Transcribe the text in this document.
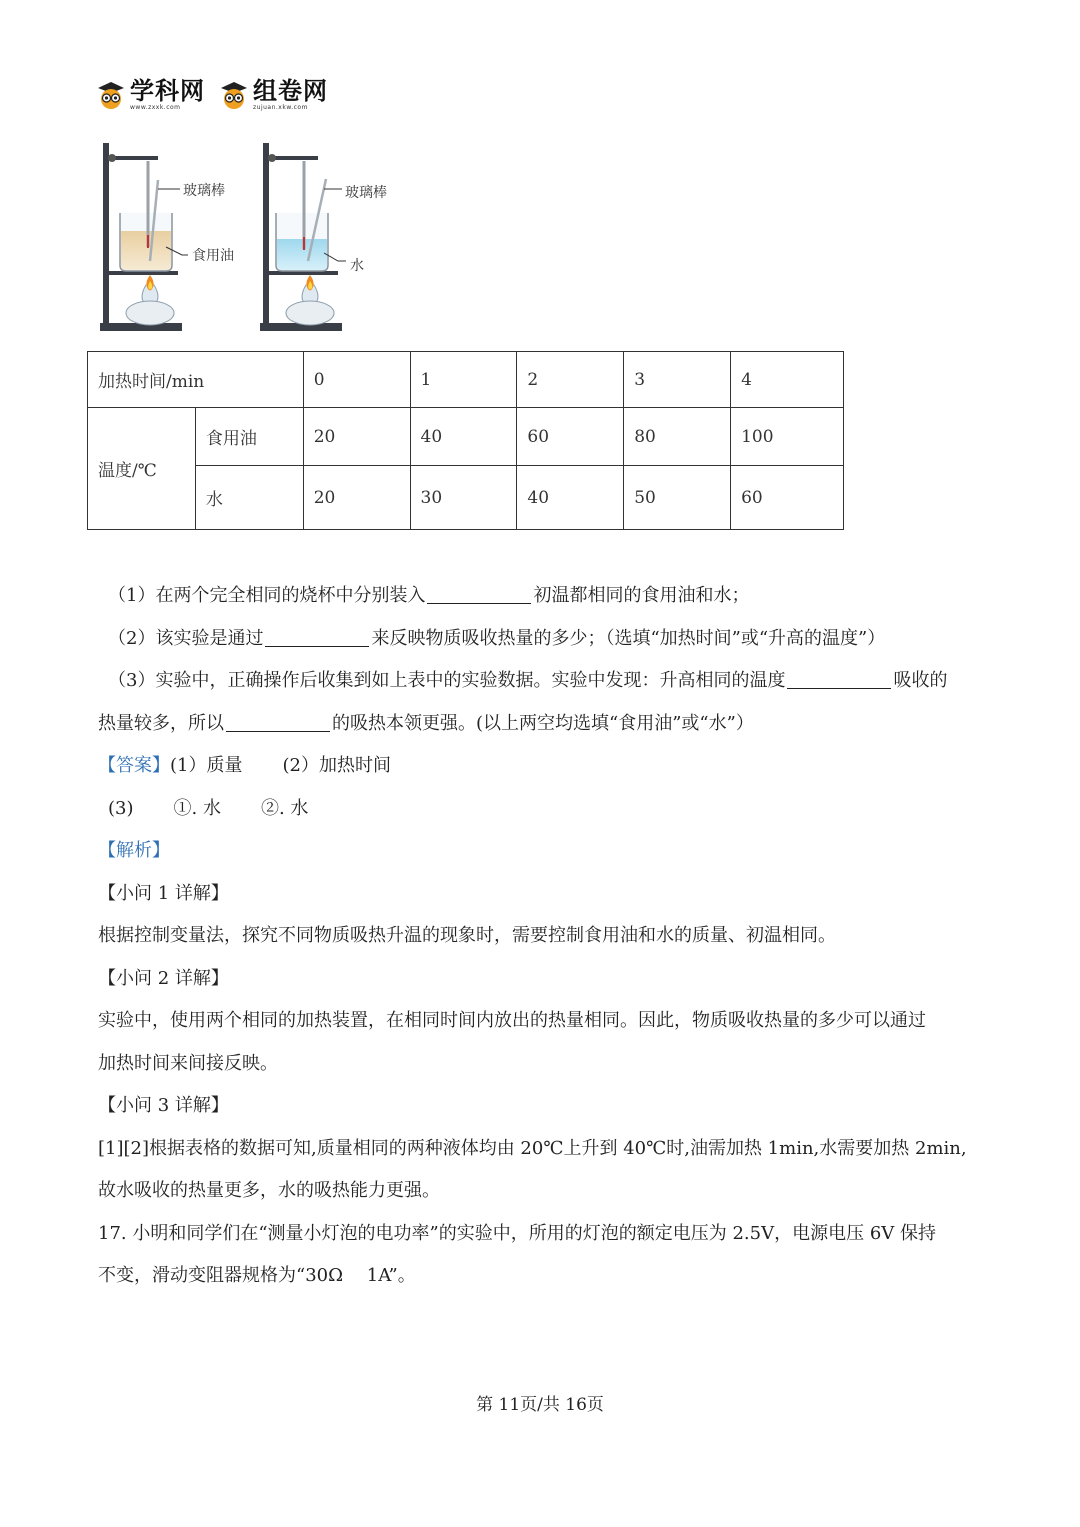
学科网
www.zxxk.com
组卷网
zujuan.xkw.com
玻璃棒
食用油
玻璃棒
水
加热时间/min		0	1	2	3	4
温度/℃	食用油	20	40	60	80	100
	水	20	30	40	50	60

（1）在两个完全相同的烧杯中分别装入	初温都相同的食用油和水；

（2）该实验是通过	来反映物质吸收热量的多少；（选填“加热时间”或“升高的温度”）

（3）实验中，正确操作后收集到如上表中的实验数据。实验中发现：升高相同的温度	吸收的

热量较多，所以	的吸热本领更强。(以上两空均选填“食用油”或“水”）

【答案】(1）质量 (2）加热时间

(3) ①. 水 ②. 水

【解析】

【小问 1 详解】

根据控制变量法，探究不同物质吸热升温的现象时，需要控制食用油和水的质量、初温相同。

【小问 2 详解】

实验中，使用两个相同的加热装置，在相同时间内放出的热量相同。因此，物质吸收热量的多少可以通过

加热时间来间接反映。

【小问 3 详解】

[1][2]根据表格的数据可知,质量相同的两种液体均由 20℃上升到 40℃时,油需加热 1min,水需要加热 2min,

故水吸收的热量更多，水的吸热能力更强。

17. 小明和同学们在“测量小灯泡的电功率”的实验中，所用的灯泡的额定电压为 2.5V，电源电压 6V 保持

不变，滑动变阻器规格为“30Ω　 1A”。

第 11页/共 16页
